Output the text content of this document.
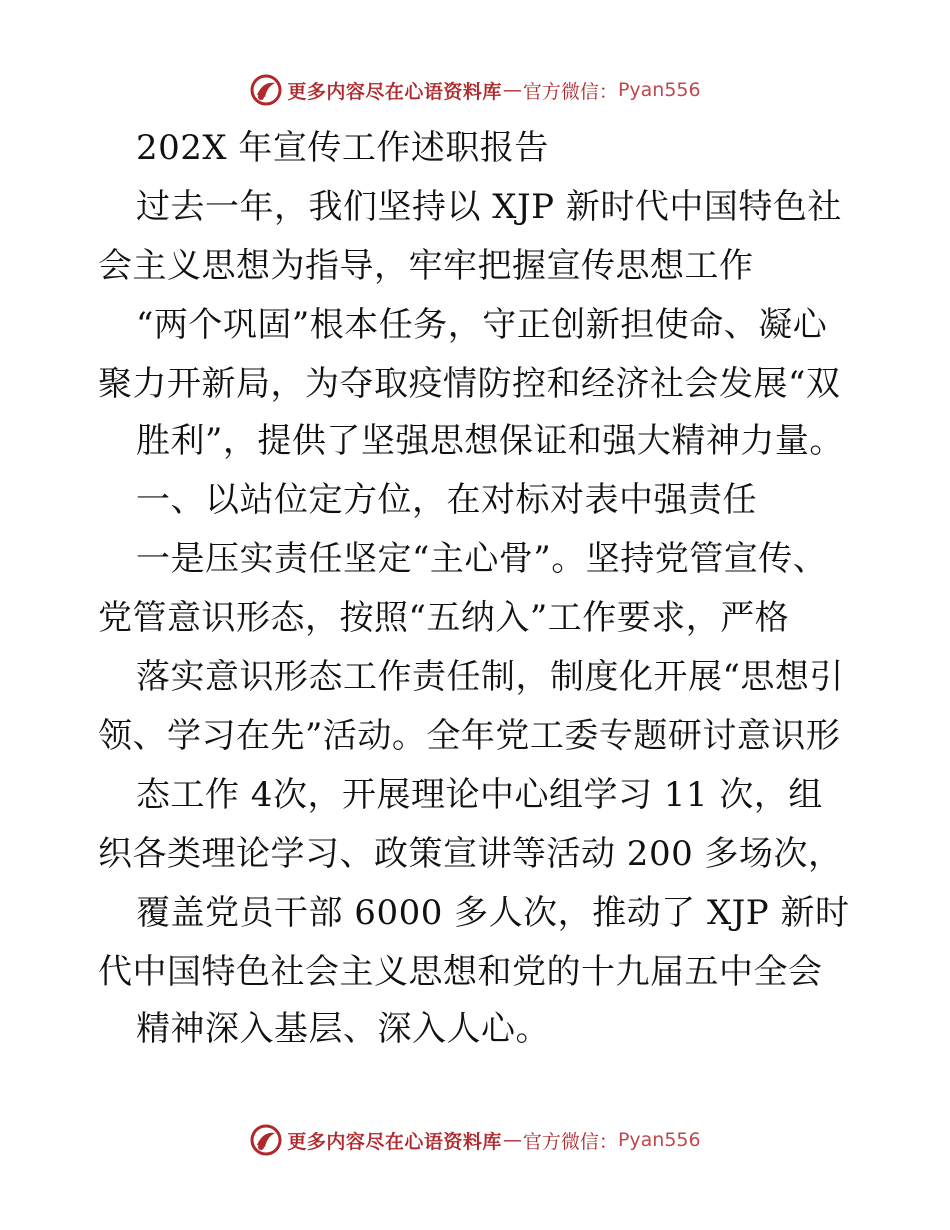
更多内容尽在心语资料库 — 官方微信： Pyan556
202X 年宣传工作述职报告
过去一年，我们坚持以 XJP 新时代中国特色社
会主义思想为指导，牢牢把握宣传思想工作
“两个巩固”根本任务，守正创新担使命、凝心
聚力开新局，为夺取疫情防控和经济社会发展“双
胜利”，提供了坚强思想保证和强大精神力量。
一、以站位定方位，在对标对表中强责任
一是压实责任坚定“主心骨”。坚持党管宣传、
党管意识形态，按照“五纳入”工作要求，严格
落实意识形态工作责任制，制度化开展“思想引
领、学习在先”活动。全年党工委专题研讨意识形
态工作 4次，开展理论中心组学习 11 次，组
织各类理论学习、政策宣讲等活动 200 多场次，
覆盖党员干部 6000 多人次，推动了 XJP 新时
代中国特色社会主义思想和党的十九届五中全会
精神深入基层、深入人心。
更多内容尽在心语资料库 — 官方微信： Pyan556
